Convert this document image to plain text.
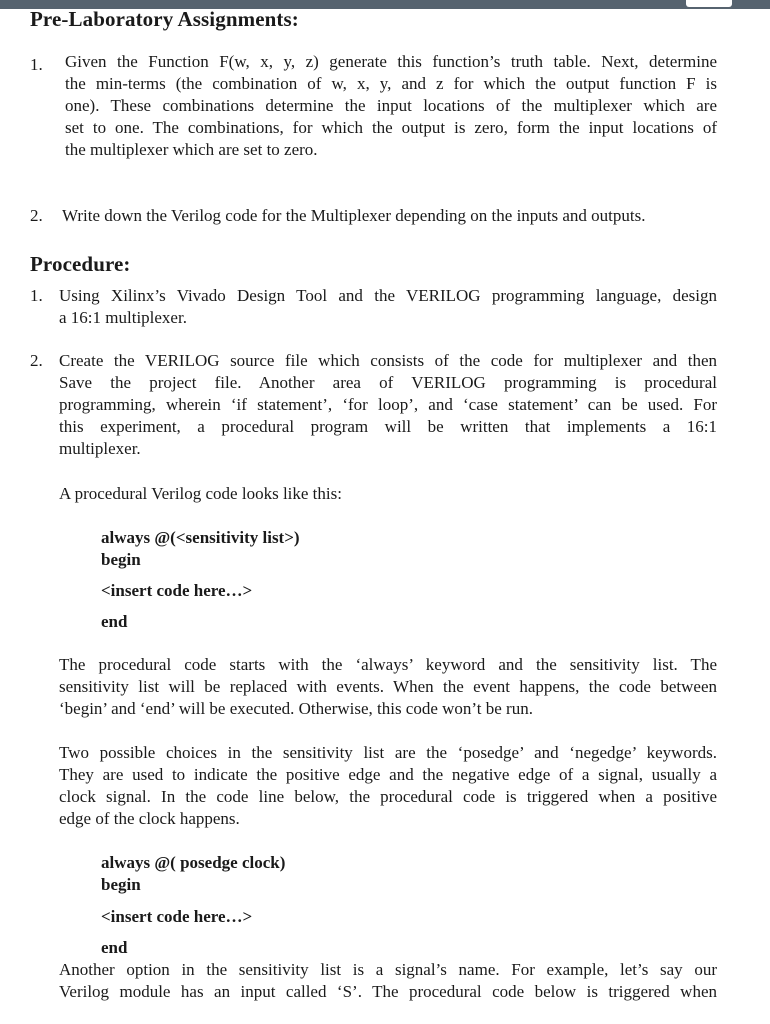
Pre-Laboratory Assignments:
1. Given the Function F(w, x, y, z) generate this function’s truth table. Next, determine
the min-terms (the combination of w, x, y, and z for which the output function F is
one). These combinations determine the input locations of the multiplexer which are
set to one. The combinations, for which the output is zero, form the input locations of
the multiplexer which are set to zero.
2. Write down the Verilog code for the Multiplexer depending on the inputs and outputs.
Procedure:
1. Using Xilinx’s Vivado Design Tool and the VERILOG programming language, design
a 16:1 multiplexer.
2. Create the VERILOG source file which consists of the code for multiplexer and then
Save the project file. Another area of VERILOG programming is procedural
programming, wherein ‘if statement’, ‘for loop’, and ‘case statement’ can be used. For
this experiment, a procedural program will be written that implements a 16:1
multiplexer.
A procedural Verilog code looks like this:
always @(<sensitivity list>)
begin
<insert code here…>
end
The procedural code starts with the ‘always’ keyword and the sensitivity list. The
sensitivity list will be replaced with events. When the event happens, the code between
‘begin’ and ‘end’ will be executed. Otherwise, this code won’t be run.
Two possible choices in the sensitivity list are the ‘posedge’ and ‘negedge’ keywords.
They are used to indicate the positive edge and the negative edge of a signal, usually a
clock signal. In the code line below, the procedural code is triggered when a positive
edge of the clock happens.
always @( posedge clock)
begin
<insert code here…>
end
Another option in the sensitivity list is a signal’s name. For example, let’s say our
Verilog module has an input called ‘S’. The procedural code below is triggered when
